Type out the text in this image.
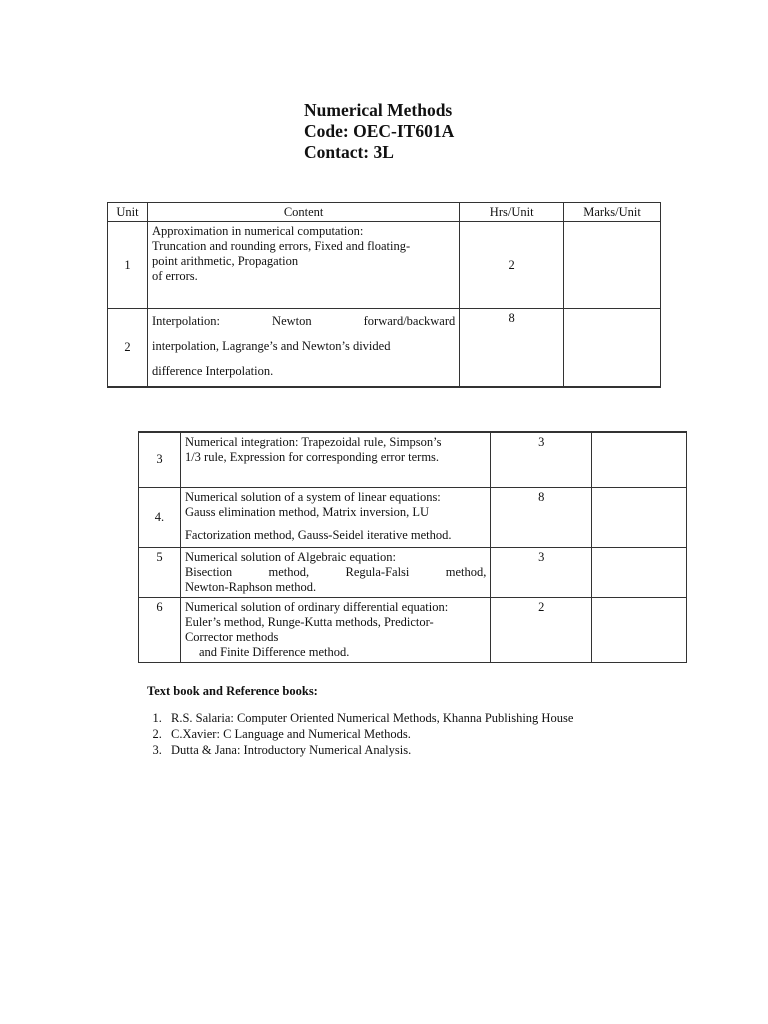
Numerical Methods
Code: OEC-IT601A
Contact: 3L
Unit	Content	Hrs/Unit	Marks/Unit
1	Approximation in numerical computation:
Truncation and rounding errors, Fixed and floating-
point arithmetic, Propagation
of errors.	2	
2	Interpolation: Newton forward/backward
interpolation, Lagrange’s and Newton’s divided
difference Interpolation.	8	
3	Numerical integration: Trapezoidal rule, Simpson’s
1/3 rule, Expression for corresponding error terms.	3	
4.	Numerical solution of a system of linear equations:
Gauss elimination method, Matrix inversion, LU
Factorization method, Gauss-Seidel iterative method.	8	
5	Numerical solution of Algebraic equation:
Bisection method, Regula-Falsi method,
Newton-Raphson method.	3	
6	Numerical solution of ordinary differential equation:
Euler’s method, Runge-Kutta methods, Predictor-
Corrector methods
and Finite Difference method.	2	
Text book and Reference books:
1. R.S. Salaria: Computer Oriented Numerical Methods, Khanna Publishing House
2. C.Xavier: C Language and Numerical Methods.
3. Dutta & Jana: Introductory Numerical Analysis.
